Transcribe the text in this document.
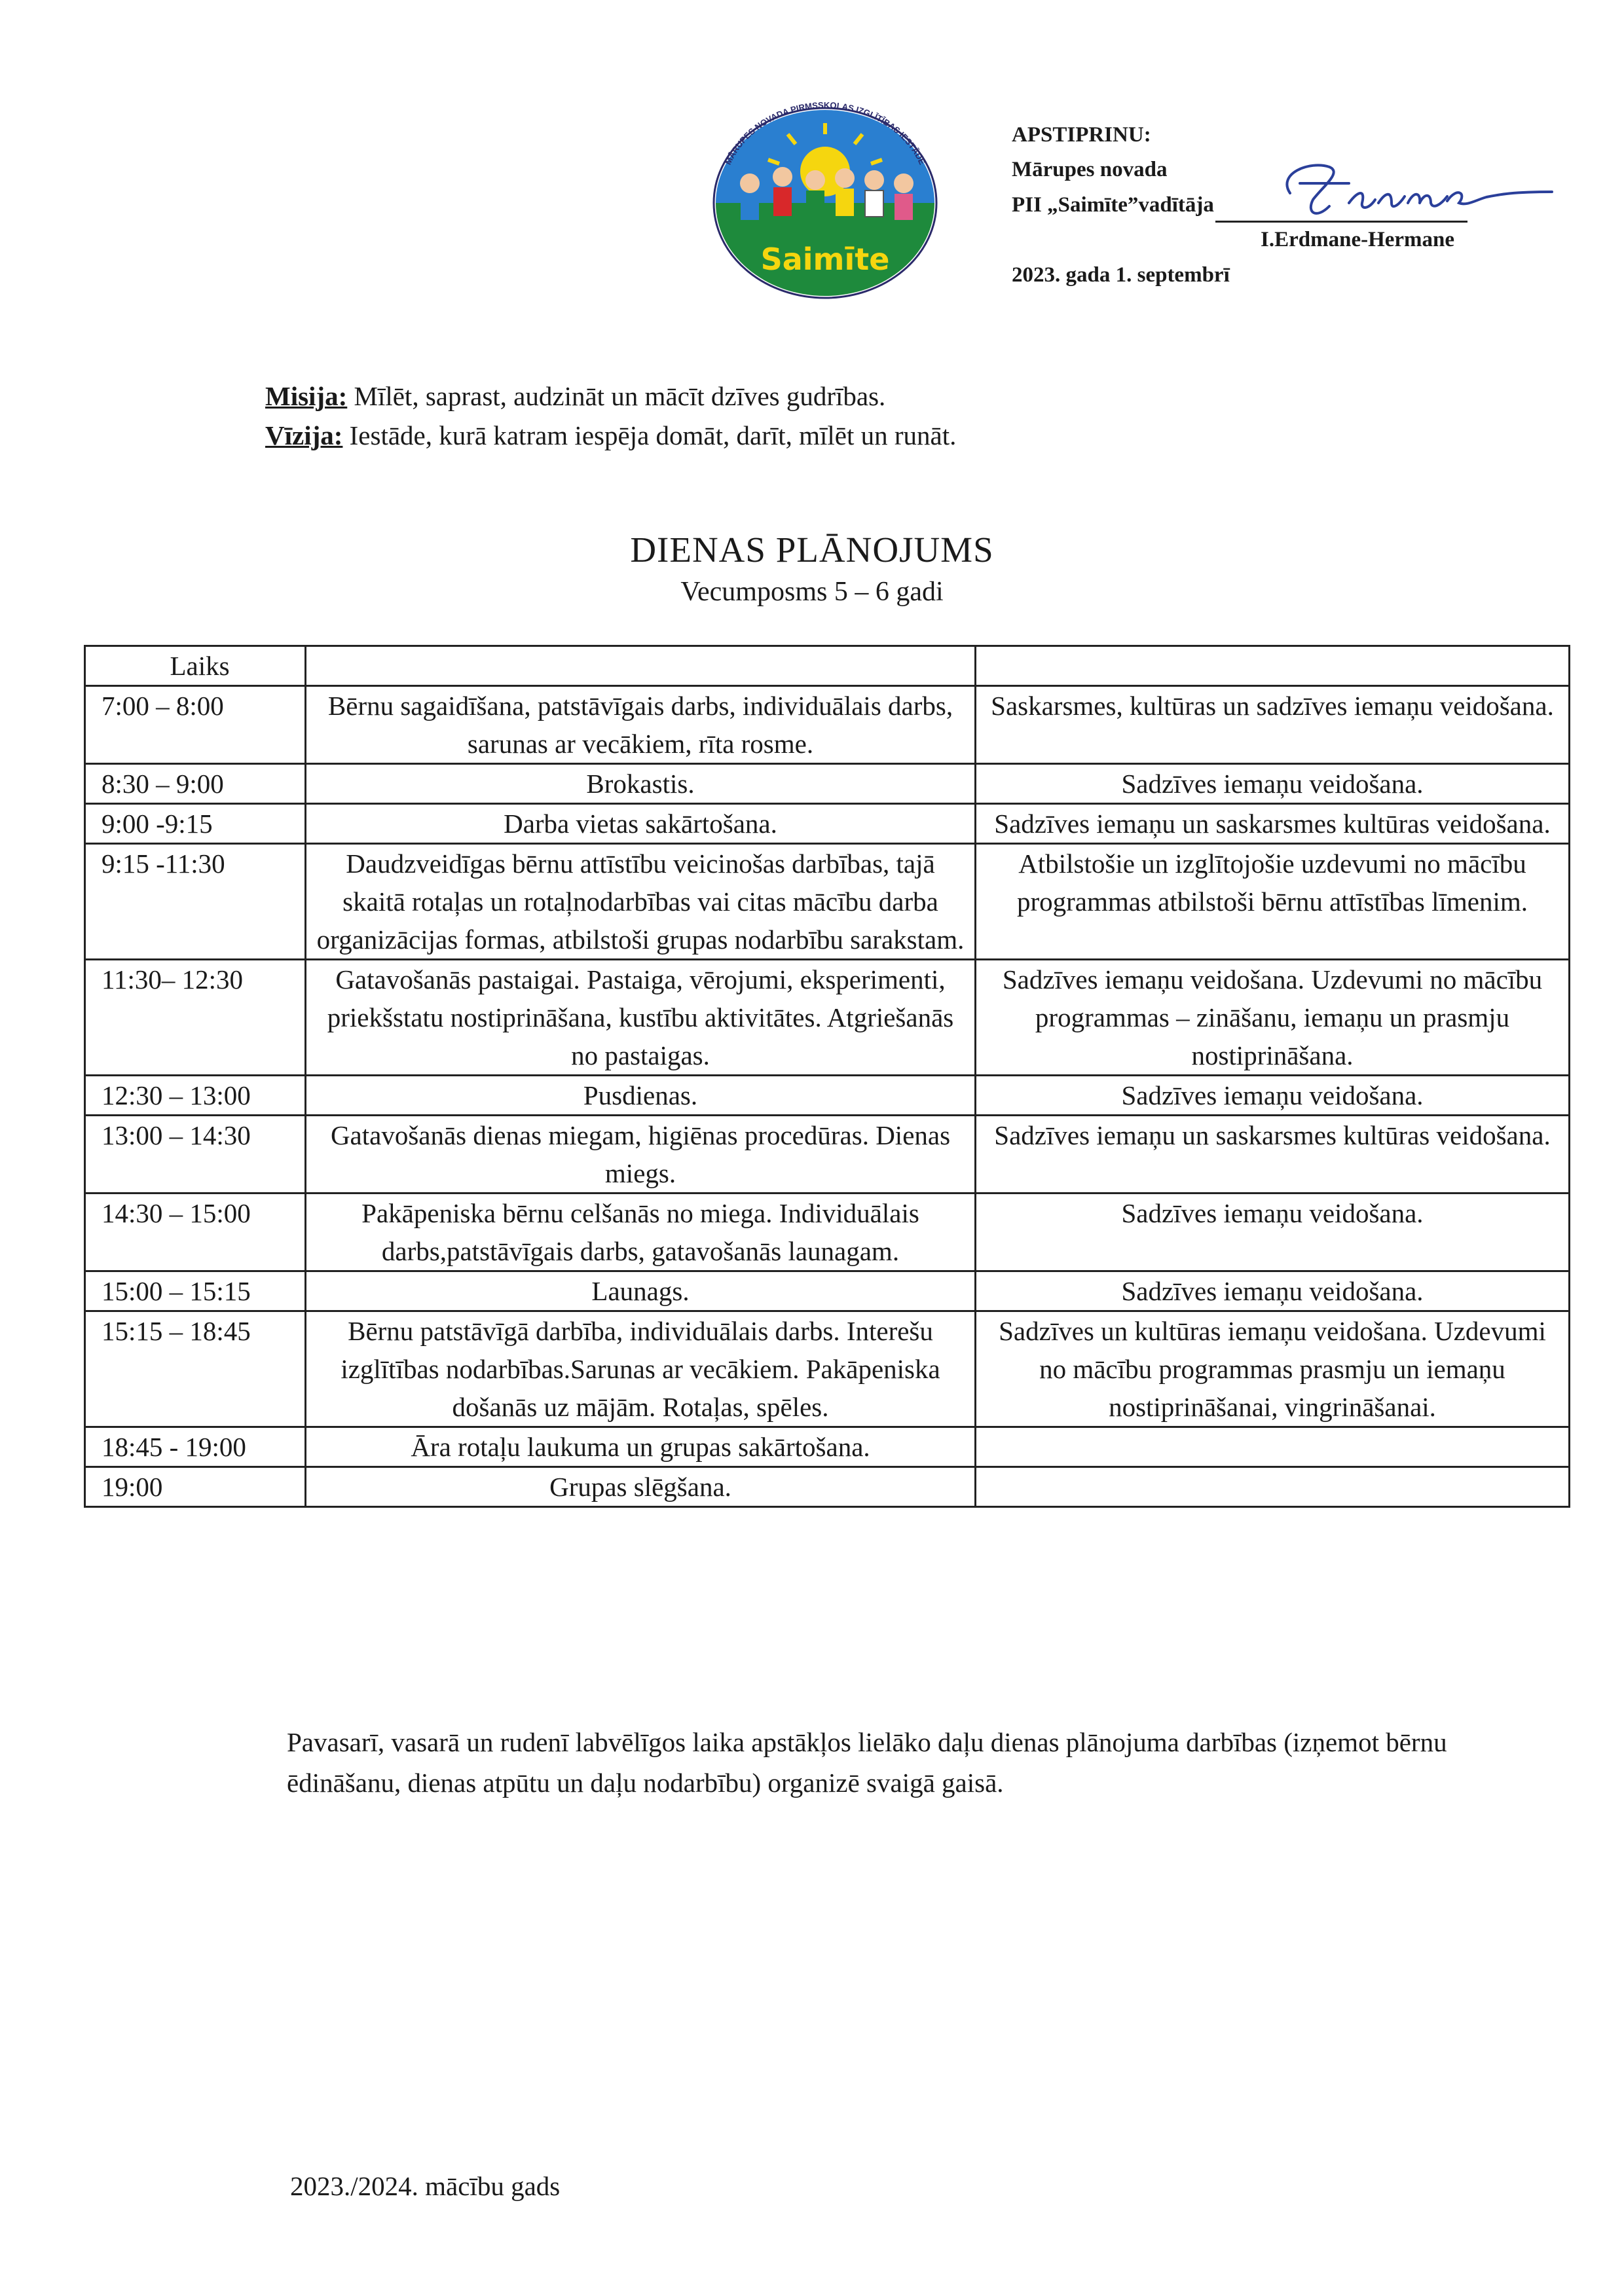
MĀRUPES NOVADA PIRMSSKOLAS IZGLĪTĪBAS IESTĀDE
Saimīte
APSTIPRINU:
Mārupes novada
PII „Saimīte”vadītāja
I.Erdmane-Hermane
2023. gada 1. septembrī
Misija: Mīlēt, saprast, audzināt un mācīt dzīves gudrības.
Vīzija: Iestāde, kurā katram iespēja domāt, darīt, mīlēt un runāt.
DIENAS PLĀNOJUMS
Vecumposms 5 – 6 gadi
Laiks		
7:00 – 8:00	Bērnu sagaidīšana, patstāvīgais darbs, individuālais darbs, sarunas ar vecākiem, rīta rosme.	Saskarsmes, kultūras un sadzīves iemaņu veidošana.
8:30 – 9:00	Brokastis.	Sadzīves iemaņu veidošana.
9:00 -9:15	Darba vietas sakārtošana.	Sadzīves iemaņu un saskarsmes kultūras veidošana.
9:15 -11:30	Daudzveidīgas bērnu attīstību veicinošas darbības, tajā skaitā rotaļas un rotaļnodarbības vai citas mācību darba organizācijas formas, atbilstoši grupas nodarbību sarakstam.	Atbilstošie un izglītojošie uzdevumi no mācību programmas atbilstoši bērnu attīstības līmenim.
11:30– 12:30	Gatavošanās pastaigai. Pastaiga, vērojumi, eksperimenti, priekšstatu nostiprināšana, kustību aktivitātes. Atgriešanās no pastaigas.	Sadzīves iemaņu veidošana. Uzdevumi no mācību programmas – zināšanu, iemaņu un prasmju nostiprināšana.
12:30 – 13:00	Pusdienas.	Sadzīves iemaņu veidošana.
13:00 – 14:30	Gatavošanās dienas miegam, higiēnas procedūras. Dienas miegs.	Sadzīves iemaņu un saskarsmes kultūras veidošana.
14:30 – 15:00	Pakāpeniska bērnu celšanās no miega. Individuālais darbs,patstāvīgais darbs, gatavošanās launagam.	Sadzīves iemaņu veidošana.
15:00 – 15:15	Launags.	Sadzīves iemaņu veidošana.
15:15 – 18:45	Bērnu patstāvīgā darbība, individuālais darbs. Interešu izglītības nodarbības.Sarunas ar vecākiem. Pakāpeniska došanās uz mājām. Rotaļas, spēles.	Sadzīves un kultūras iemaņu veidošana. Uzdevumi no mācību programmas prasmju un iemaņu nostiprināšanai, vingrināšanai.
18:45 - 19:00	Āra rotaļu laukuma un grupas sakārtošana.	
19:00	Grupas slēgšana.	
Pavasarī, vasarā un rudenī labvēlīgos laika apstākļos lielāko daļu dienas plānojuma darbības (izņemot bērnu ēdināšanu, dienas atpūtu un daļu nodarbību) organizē svaigā gaisā.
2023./2024. mācību gads
